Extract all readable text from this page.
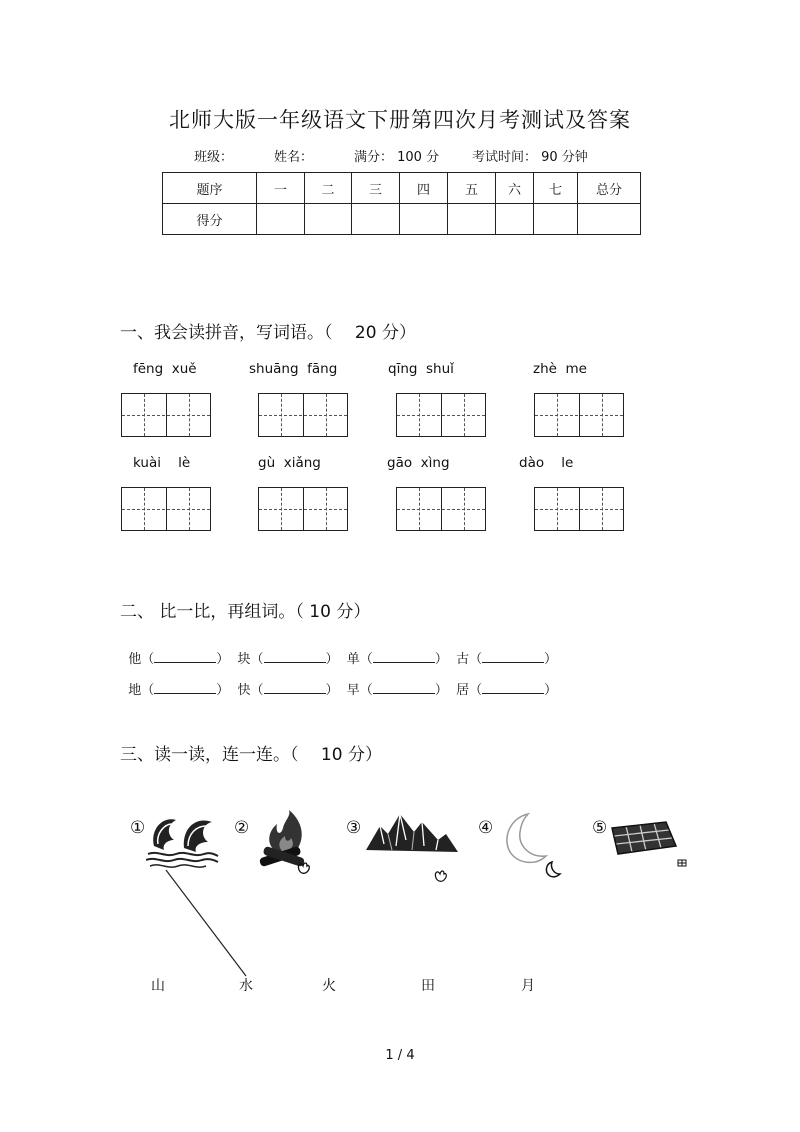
北师大版一年级语文下册第四次月考测试及答案
班级：	姓名：	满分： 100 分	考试时间： 90 分钟
题序	一	二	三	四	五	六	七	总分
得分								
一、我会读拼音，写词语。（　 20 分）
fēng  xuě	shuāng  fāng	qīng  shuǐ	zhè  me
kuài    lè	gù  xiǎng	gāo  xìng	dào    le
二、 比一比，再组词。（ 10 分）

他（	）  块（	）  单（	）  古（	）

地（	）  快（	）  早（	）  居（	）

三、读一读，连一连。（　 10 分）
①	②	③	④	⑤
山	水	火	田	月
1 / 4
